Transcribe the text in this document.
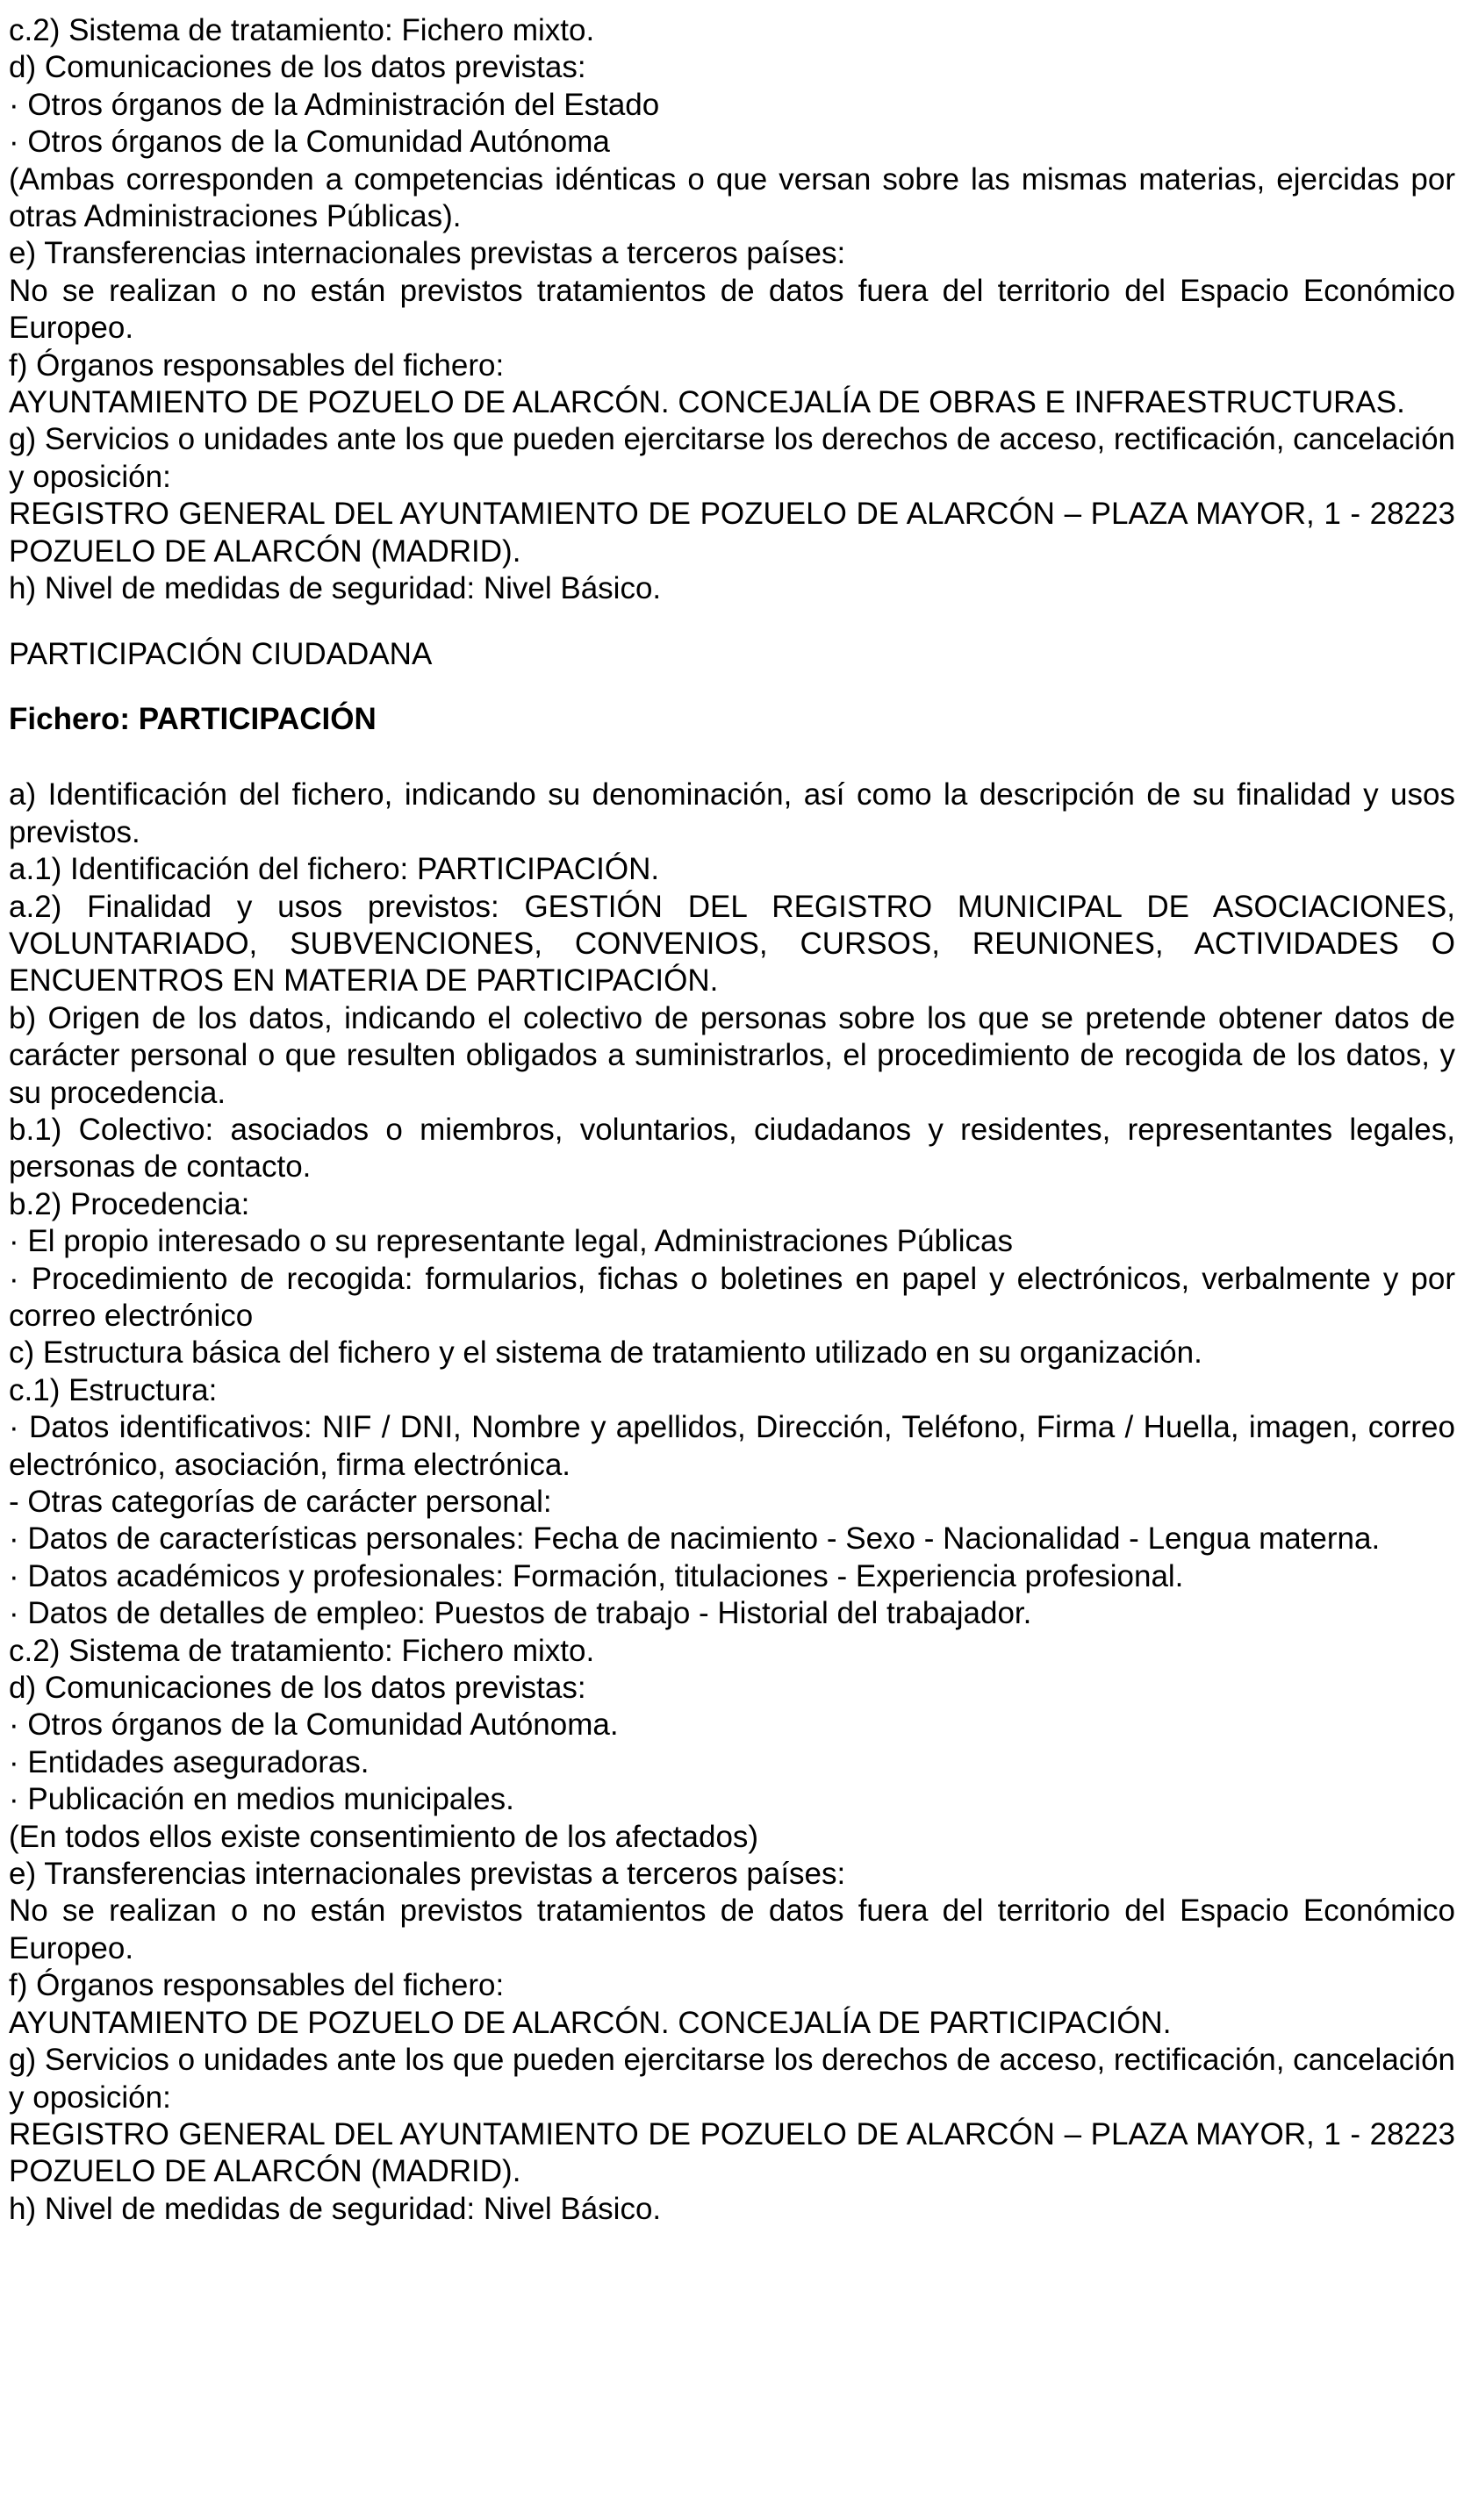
c.2) Sistema de tratamiento: Fichero mixto.

d) Comunicaciones de los datos previstas:

· Otros órganos de la Administración del Estado

· Otros órganos de la Comunidad Autónoma

(Ambas corresponden a competencias idénticas o que versan sobre las mismas materias, ejercidas por otras Administraciones Públicas).

e) Transferencias internacionales previstas a terceros países:

No se realizan o no están previstos tratamientos de datos fuera del territorio del Espacio Económico Europeo.

f) Órganos responsables del fichero:

AYUNTAMIENTO DE POZUELO DE ALARCÓN. CONCEJALÍA DE OBRAS E INFRAESTRUCTURAS.

g) Servicios o unidades ante los que pueden ejercitarse los derechos de acceso, rectificación, cancelación y oposición:

REGISTRO GENERAL DEL AYUNTAMIENTO DE POZUELO DE ALARCÓN – PLAZA MAYOR, 1 - 28223 POZUELO DE ALARCÓN (MADRID).

h) Nivel de medidas de seguridad: Nivel Básico.

PARTICIPACIÓN CIUDADANA
Fichero: PARTICIPACIÓN

a) Identificación del fichero, indicando su denominación, así como la descripción de su finalidad y usos previstos.

a.1) Identificación del fichero: PARTICIPACIÓN.

a.2) Finalidad y usos previstos: GESTIÓN DEL REGISTRO MUNICIPAL DE ASOCIACIONES, VOLUNTARIADO, SUBVENCIONES, CONVENIOS, CURSOS, REUNIONES, ACTIVIDADES O ENCUENTROS EN MATERIA DE PARTICIPACIÓN.

b) Origen de los datos, indicando el colectivo de personas sobre los que se pretende obtener datos de carácter personal o que resulten obligados a suministrarlos, el procedimiento de recogida de los datos, y su procedencia.

b.1) Colectivo: asociados o miembros, voluntarios, ciudadanos y residentes, representantes legales, personas de contacto.

b.2) Procedencia:

· El propio interesado o su representante legal, Administraciones Públicas

· Procedimiento de recogida: formularios, fichas o boletines en papel y electrónicos, verbalmente y por correo electrónico

c) Estructura básica del fichero y el sistema de tratamiento utilizado en su organización.

c.1) Estructura:

· Datos identificativos: NIF / DNI, Nombre y apellidos, Dirección, Teléfono, Firma / Huella, imagen, correo electrónico, asociación, firma electrónica.

- Otras categorías de carácter personal:

· Datos de características personales: Fecha de nacimiento - Sexo - Nacionalidad - Lengua materna.

· Datos académicos y profesionales: Formación, titulaciones - Experiencia profesional.

· Datos de detalles de empleo: Puestos de trabajo - Historial del trabajador.

c.2) Sistema de tratamiento: Fichero mixto.

d) Comunicaciones de los datos previstas:

· Otros órganos de la Comunidad Autónoma.

· Entidades aseguradoras.

· Publicación en medios municipales.

(En todos ellos existe consentimiento de los afectados)

e) Transferencias internacionales previstas a terceros países:

No se realizan o no están previstos tratamientos de datos fuera del territorio del Espacio Económico Europeo.

f) Órganos responsables del fichero:

AYUNTAMIENTO DE POZUELO DE ALARCÓN. CONCEJALÍA DE PARTICIPACIÓN.

g) Servicios o unidades ante los que pueden ejercitarse los derechos de acceso, rectificación, cancelación y oposición:

REGISTRO GENERAL DEL AYUNTAMIENTO DE POZUELO DE ALARCÓN – PLAZA MAYOR, 1 - 28223 POZUELO DE ALARCÓN (MADRID).

h) Nivel de medidas de seguridad: Nivel Básico.
